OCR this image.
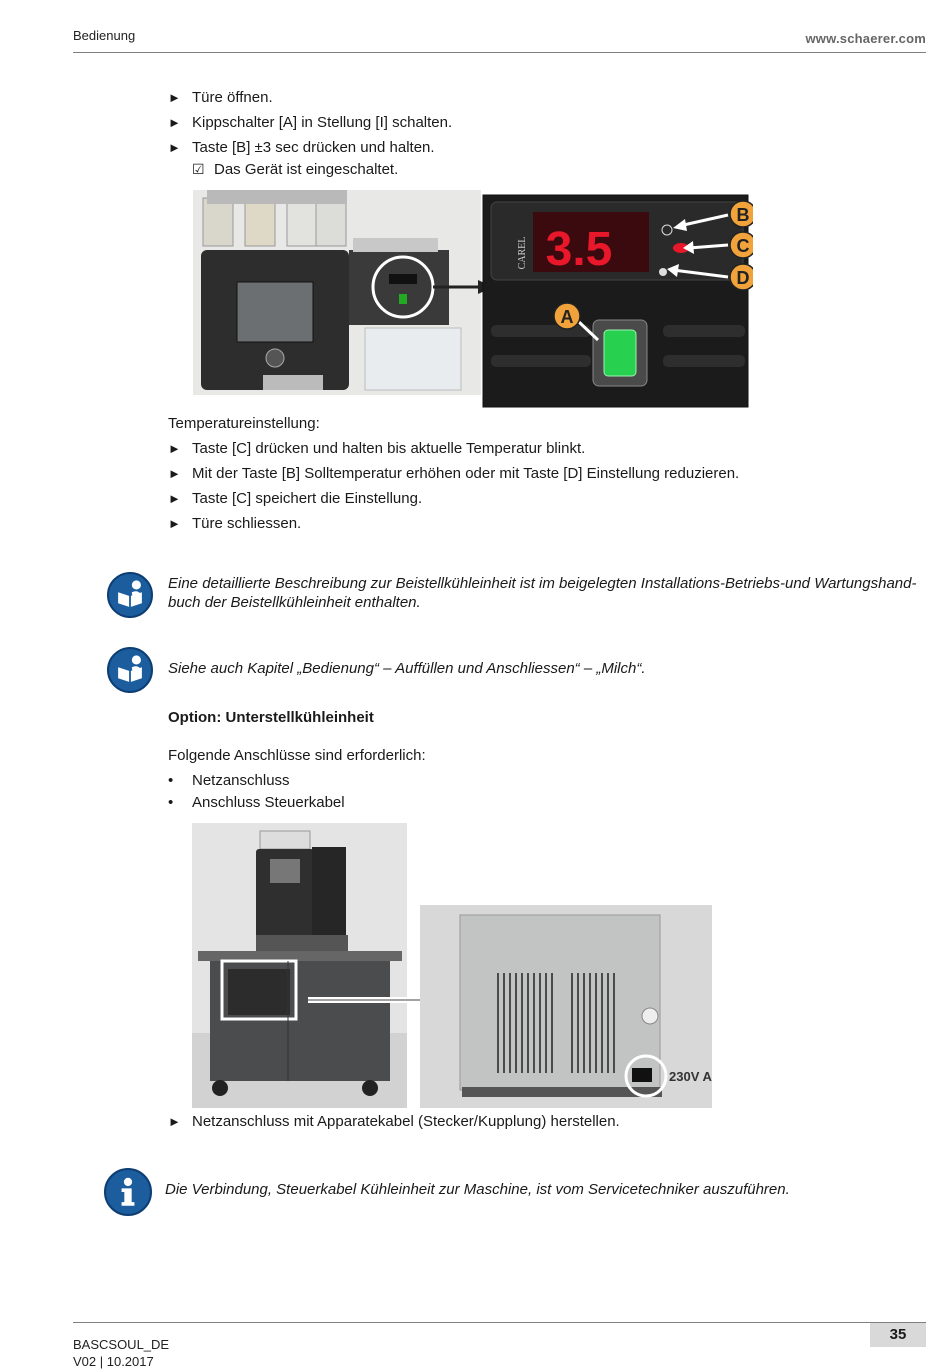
Bedienung	www.schaerer.com
► Türe öffnen.
► Kippschalter [A] in Stellung [I] schalten.
► Taste [B] ±3 sec drücken und halten.
☑ Das Gerät ist eingeschaltet.
3.5
CAREL
B
C
D
A
Temperatureinstellung:
► Taste [C] drücken und halten bis aktuelle Temperatur blinkt.
► Mit der Taste [B] Solltemperatur erhöhen oder mit Taste [D] Einstellung reduzieren.
► Taste [C] speichert die Einstellung.
► Türe schliessen.
Eine detaillierte Beschreibung zur Beistellkühleinheit ist im beigelegten Installations-Betriebs-und Wartungshand-
buch der Beistellkühleinheit enthalten.
Siehe auch Kapitel „Bedienung“ – Auffüllen und Anschliessen“ – „Milch“.
Option: Unterstellkühleinheit
Folgende Anschlüsse sind erforderlich:
• Netzanschluss
• Anschluss Steuerkabel
230V A
► Netzanschluss mit Apparatekabel (Stecker/Kupplung) herstellen.
Die Verbindung, Steuerkabel Kühleinheit zur Maschine, ist vom Servicetechniker auszuführen.
BASCSOUL_DE
V02 | 10.2017
35
